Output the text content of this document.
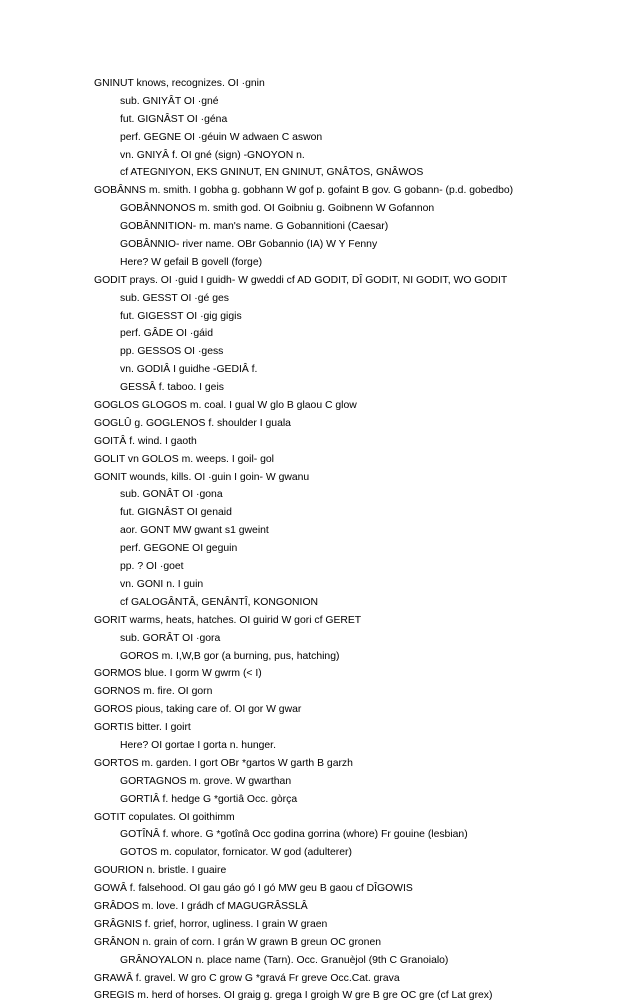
GNINUT knows, recognizes. OI ·gnin
sub. GNIYÂT OI ·gné
fut. GIGNÂST OI ·géna
perf. GEGNE OI ·géuin W adwaen C aswon
vn. GNIYÂ f. OI gné (sign) -GNOYON n.
cf ATEGNIYON, EKS GNINUT, EN GNINUT, GNÂTOS, GNÂWOS
GOBÂNNS m. smith. I gobha g. gobhann W gof p. gofaint B gov. G gobann- (p.d. gobedbo)
GOBÂNNONOS m. smith god. OI Goibniu g. Goibnenn W Gofannon
GOBÂNNITION- m. man's name. G Gobannitioni (Caesar)
GOBÂNNIO- river name. OBr Gobannio (IA) W Y Fenny
Here? W gefail B govell (forge)
GODIT prays. OI ·guid I guidh- W gweddi cf AD GODIT, DÎ GODIT, NI GODIT, WO GODIT
sub. GESST OI ·gé ges
fut. GIGESST OI ·gig gigis
perf. GÂDE OI ·gáid
pp. GESSOS OI ·gess
vn. GODIÂ I guidhe -GEDIÂ f.
GESSÂ f. taboo. I geis
GOGLOS GLOGOS m. coal. I gual W glo B glaou C glow
GOGLÛ g. GOGLENOS f. shoulder I guala
GOITÂ f. wind. I gaoth
GOLIT vn GOLOS m. weeps. I goil- gol
GONIT wounds, kills. OI ·guin I goin- W gwanu
sub. GONÂT OI ·gona
fut. GIGNÂST OI genaid
aor. GONT MW gwant s1 gweint
perf. GEGONE OI geguin
pp. ? OI ·goet
vn. GONI n. I guin
cf GALOGÂNTÂ, GENÂNTÎ, KONGONION
GORIT warms, heats, hatches. OI guirid W gori cf GERET
sub. GORÂT OI ·gora
GOROS m. I,W,B gor (a burning, pus, hatching)
GORMOS blue. I gorm W gwrm (< I)
GORNOS m. fire. OI gorn
GOROS pious, taking care of. OI gor W gwar
GORTIS bitter. I goirt
Here? OI gortae I gorta n. hunger.
GORTOS m. garden. I gort OBr *gartos W garth B garzh
GORTAGNOS m. grove. W gwarthan
GORTIÂ f. hedge G *gortiâ Occ. gòrça
GOTIT copulates. OI goithimm
GOTÎNÂ f. whore. G *gotînâ Occ godina gorrina (whore) Fr gouine (lesbian)
GOTOS m. copulator, fornicator. W god (adulterer)
GOURION n. bristle. I guaire
GOWÂ f. falsehood. OI gau gáo gó I gó MW geu B gaou cf DÎGOWIS
GRÂDOS m. love. I grádh cf MAGUGRÂSSLÂ
GRÂGNIS f. grief, horror, ugliness. I grain W graen
GRÂNON n. grain of corn. I grán W grawn B greun OC gronen
GRÂNOYALON n. place name (Tarn). Occ. Granuèjol (9th C Granoialo)
GRAWÂ f. gravel. W gro C grow G *gravá Fr greve Occ.Cat. grava
GREGIS m. herd of horses. OI graig g. grega I groigh W gre B gre OC gre (cf Lat grex)
